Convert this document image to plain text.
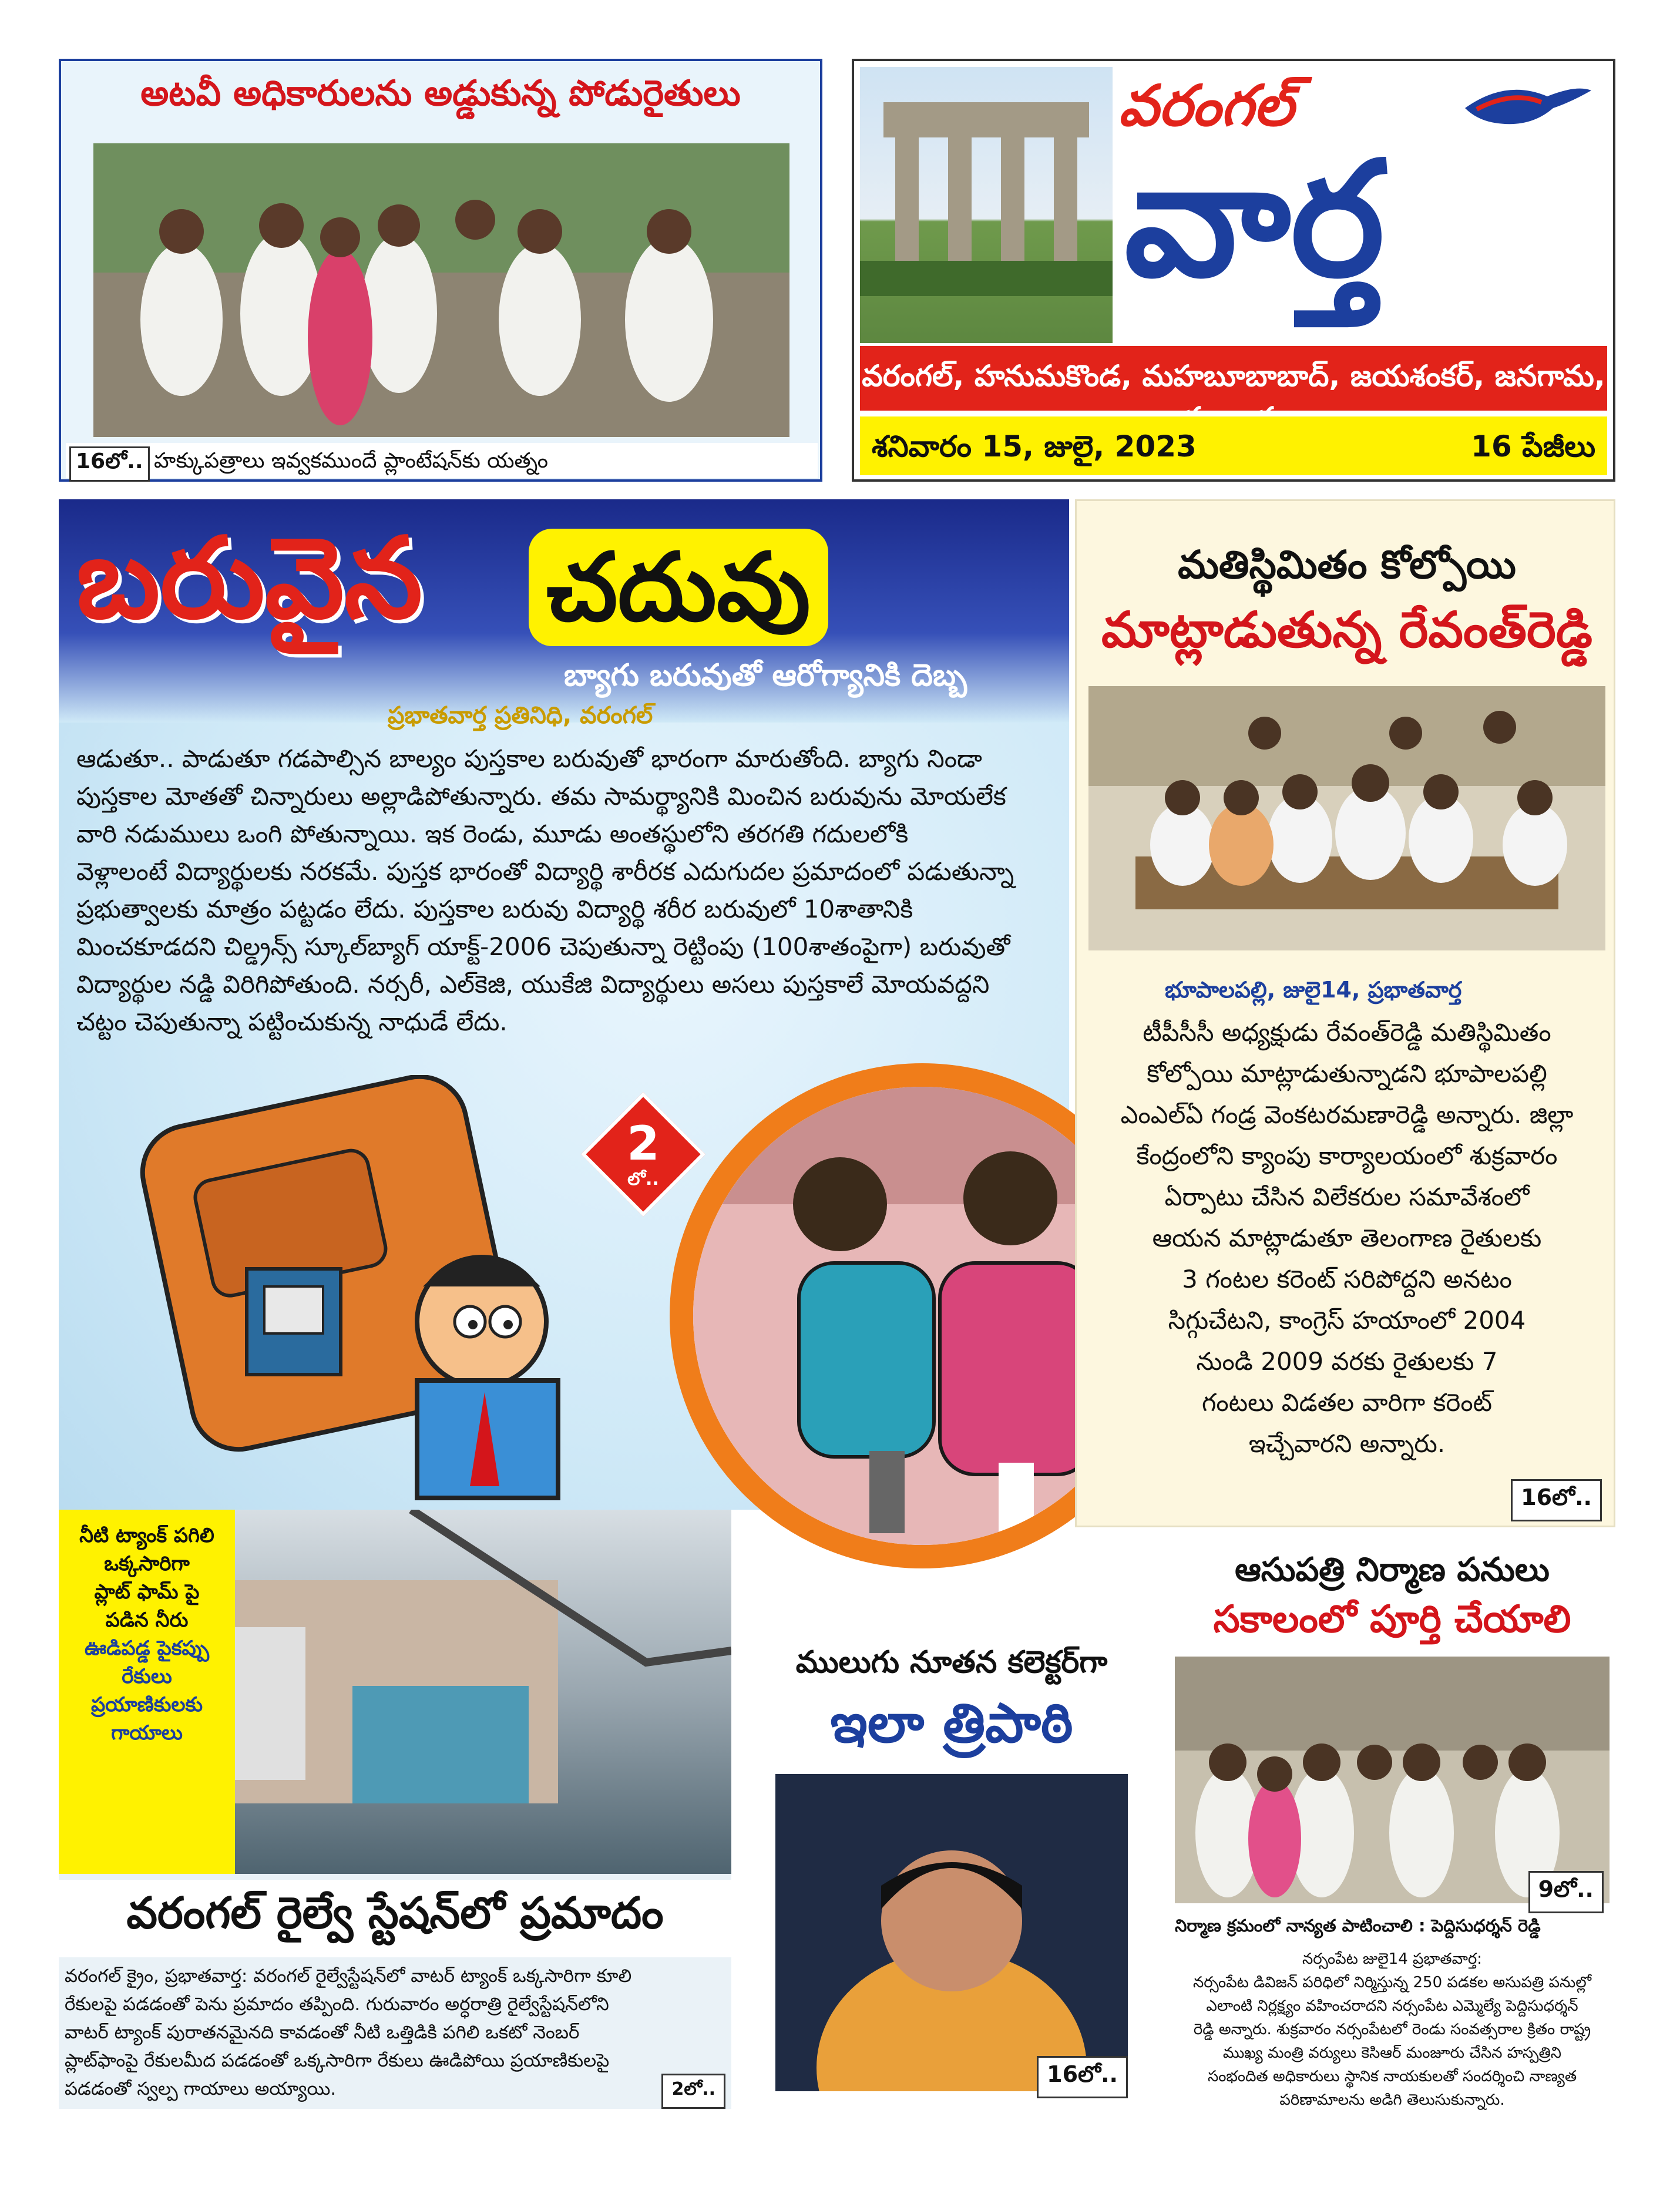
అటవీ అధికారులను అడ్డుకున్న పోడురైతులు
16లో.. హక్కుపత్రాలు ఇవ్వకముందే ప్లాంటేషన్‌కు యత్నం
వరంగల్
వార్త
వరంగల్, హనుమకొండ, మహబూబాబాద్, జయశంకర్, జనగామ,
శనివారం 15, జులై, 2023	16 పేజీలు
బరువైన చదువు
బ్యాగు బరువుతో ఆరోగ్యానికి దెబ్బ
ప్రభాతవార్త ప్రతినిధి, వరంగల్
ఆడుతూ.. పాడుతూ గడపాల్సిన బాల్యం పుస్తకాల బరువుతో భారంగా మారుతోంది. బ్యాగు నిండా
పుస్తకాల మోతతో చిన్నారులు అల్లాడిపోతున్నారు. తమ సామర్థ్యానికి మించిన బరువును మోయలేక
వారి నడుములు ఒంగి పోతున్నాయి. ఇక రెండు, మూడు అంతస్థులోని తరగతి గదులలోకి
వెళ్లాలంటే విద్యార్థులకు నరకమే. పుస్తక భారంతో విద్యార్థి శారీరక ఎదుగుదల ప్రమాదంలో పడుతున్నా
ప్రభుత్వాలకు మాత్రం పట్టడం లేదు. పుస్తకాల బరువు విద్యార్థి శరీర బరువులో 10శాతానికి
మించకూడదని చిల్డ్రన్స్ స్కూల్‌బ్యాగ్ యాక్ట్-2006 చెపుతున్నా రెట్టింపు (100శాతంపైగా) బరువుతో
విద్యార్థుల నడ్డి విరిగిపోతుంది. నర్సరీ, ఎల్‌కెజి, యుకేజి విద్యార్థులు అసలు పుస్తకాలే మోయవద్దని
చట్టం చెపుతున్నా పట్టించుకున్న నాధుడే లేదు.
2
లో..
మతిస్థిమితం కోల్పోయి
మాట్లాడుతున్న రేవంత్‌రెడ్డి
భూపాలపల్లి, జులై14, ప్రభాతవార్త
టీపీసీసీ అధ్యక్షుడు రేవంత్‌రెడ్డి మతిస్థిమితం
కోల్పోయి మాట్లాడుతున్నాడని భూపాలపల్లి
ఎంఎల్ఏ గండ్ర వెంకటరమణారెడ్డి అన్నారు. జిల్లా
కేంద్రంలోని క్యాంపు కార్యాలయంలో శుక్రవారం
ఏర్పాటు చేసిన విలేకరుల సమావేశంలో
ఆయన మాట్లాడుతూ తెలంగాణ రైతులకు
3 గంటల కరెంట్ సరిపోద్దని అనటం
సిగ్గుచేటని, కాంగ్రెస్ హయాంలో 2004
నుండి 2009 వరకు రైతులకు 7
గంటలు విడతల వారిగా కరెంట్
ఇచ్చేవారని అన్నారు.
16లో..
నీటి ట్యాంక్ పగిలి
ఒక్కసారిగా
ప్లాట్ ఫామ్ పై
పడిన నీరు
ఊడిపడ్డ పైకప్పు
రేకులు
ప్రయాణికులకు
గాయాలు
వరంగల్ రైల్వే స్టేషన్‌లో ప్రమాదం
వరంగల్ క్రైం, ప్రభాతవార్త: వరంగల్ రైల్వేస్టేషన్‌లో వాటర్ ట్యాంక్ ఒక్కసారిగా కూలి
రేకులపై పడడంతో పెను ప్రమాదం తప్పింది. గురువారం అర్ధరాత్రి రైల్వేస్టేషన్‌లోని
వాటర్ ట్యాంక్ పురాతనమైనది కావడంతో నీటి ఒత్తిడికి పగిలి ఒకటో నెంబర్
ప్లాట్‌ఫాంపై రేకులమీద పడడంతో ఒక్కసారిగా రేకులు ఊడిపోయి ప్రయాణికులపై
పడడంతో స్వల్ప గాయాలు అయ్యాయి.	2లో..
ములుగు నూతన కలెక్టర్‌గా
ఇలా త్రిపాఠి
16లో..
ఆసుపత్రి నిర్మాణ పనులు
సకాలంలో పూర్తి చేయాలి
9లో..
నిర్మాణ క్రమంలో నాన్యత పాటించాలి : పెద్దిసుధర్శన్ రెడ్డి
నర్సంపేట జులై14 ప్రభాతవార్త:
నర్సంపేట డివిజన్ పరిధిలో నిర్మిస్తున్న 250 పడకల అసుపత్రి పనుల్లో
ఎలాంటి నిర్లక్ష్యం వహించరాదని నర్సంపేట ఎమ్మెల్యే పెద్దిసుధర్శన్
రెడ్డి అన్నారు. శుక్రవారం నర్సంపేటలో రెండు సంవత్సరాల క్రితం రాష్ట్ర
ముఖ్య మంత్రి వర్యులు కెసిఆర్ మంజూరు చేసిన హస్పత్రిని
సంభందిత అధికారులు స్థానిక నాయకులతో సందర్శించి నాణ్యత
పరిణామాలను అడిగి తెలుసుకున్నారు.
